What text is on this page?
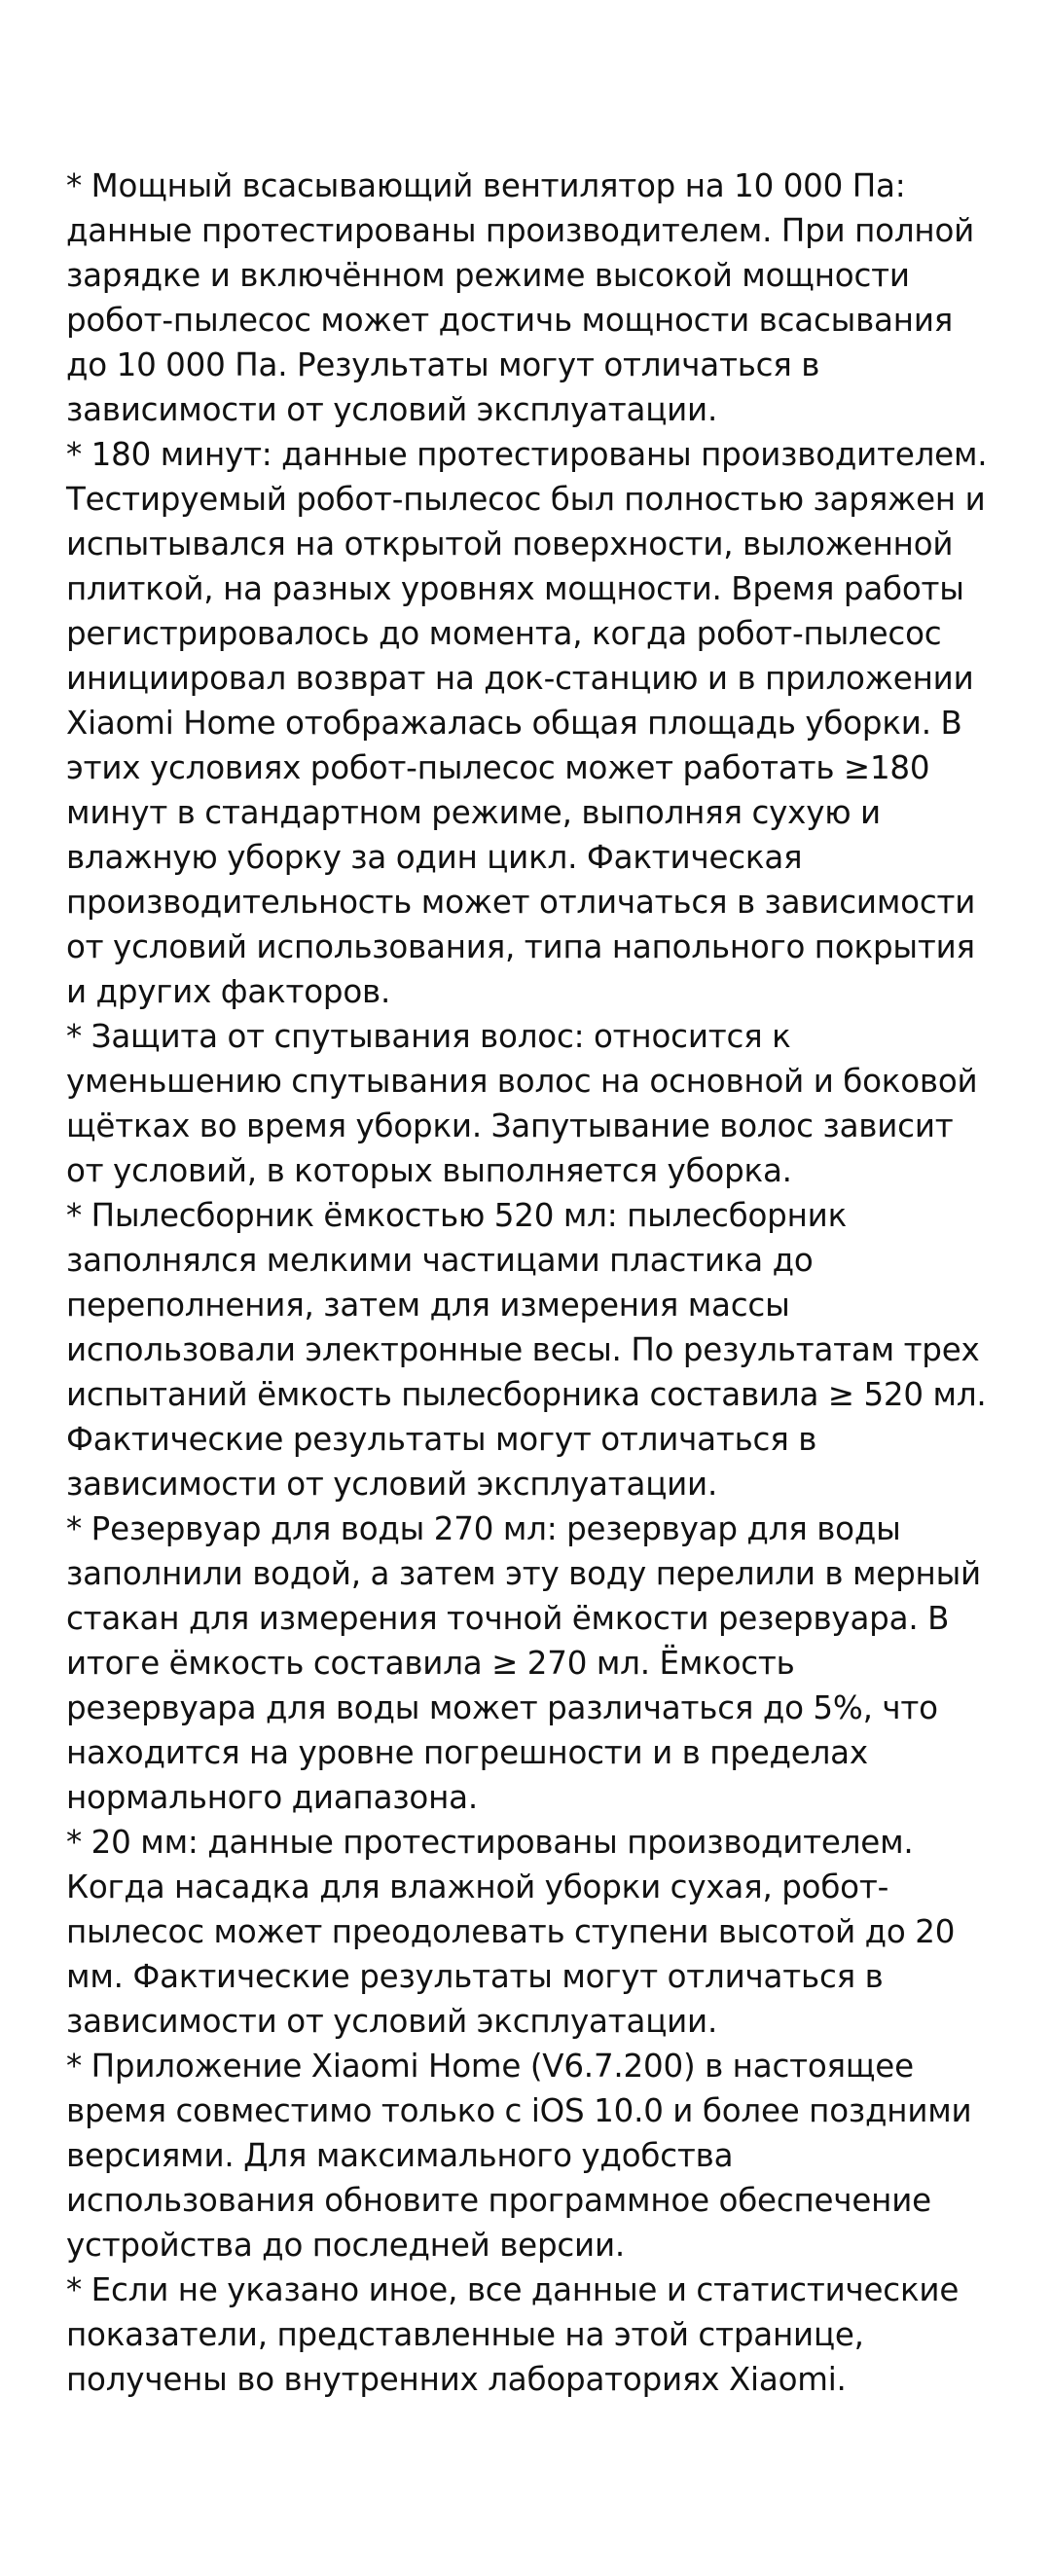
* Мощный всасывающий вентилятор на 10 000 Па: данные протестированы производителем. При полной зарядке и включённом режиме высокой мощности робот-пылесос может достичь мощности всасывания до 10 000 Па. Результаты могут отличаться в зависимости от условий эксплуатации.

* 180 минут: данные протестированы производителем. Тестируемый робот-пылесос был полностью заряжен и испытывался на открытой поверхности, выложенной плиткой, на разных уровнях мощности. Время работы регистрировалось до момента, когда робот-пылесос инициировал возврат на док-станцию и в приложении Xiaomi Home отображалась общая площадь уборки. В этих условиях робот-пылесос может работать ≥180 минут в стандартном режиме, выполняя сухую и влажную уборку за один цикл. Фактическая производительность может отличаться в зависимости от условий использования, типа напольного покрытия и других факторов.

* Защита от спутывания волос: относится к уменьшению спутывания волос на основной и боковой щётках во время уборки. Запутывание волос зависит от условий, в которых выполняется уборка.

* Пылесборник ёмкостью 520 мл: пылесборник заполнялся мелкими частицами пластика до переполнения, затем для измерения массы использовали электронные весы. По результатам трех испытаний ёмкость пылесборника составила ≥ 520 мл. Фактические результаты могут отличаться в зависимости от условий эксплуатации.

* Резервуар для воды 270 мл: резервуар для воды заполнили водой, а затем эту воду перелили в мерный стакан для измерения точной ёмкости резервуара. В итоге ёмкость составила ≥ 270 мл. Ёмкость резервуара для воды может различаться до 5%, что находится на уровне погрешности и в пределах нормального диапазона.

* 20 мм: данные протестированы производителем. Когда насадка для влажной уборки сухая, робот-пылесос может преодолевать ступени высотой до 20 мм. Фактические результаты могут отличаться в зависимости от условий эксплуатации.

* Приложение Xiaomi Home (V6.7.200) в настоящее время совместимо только с iOS 10.0 и более поздними версиями. Для максимального удобства использования обновите программное обеспечение устройства до последней версии.

* Если не указано иное, все данные и статистические показатели, представленные на этой странице, получены во внутренних лабораториях Xiaomi.
